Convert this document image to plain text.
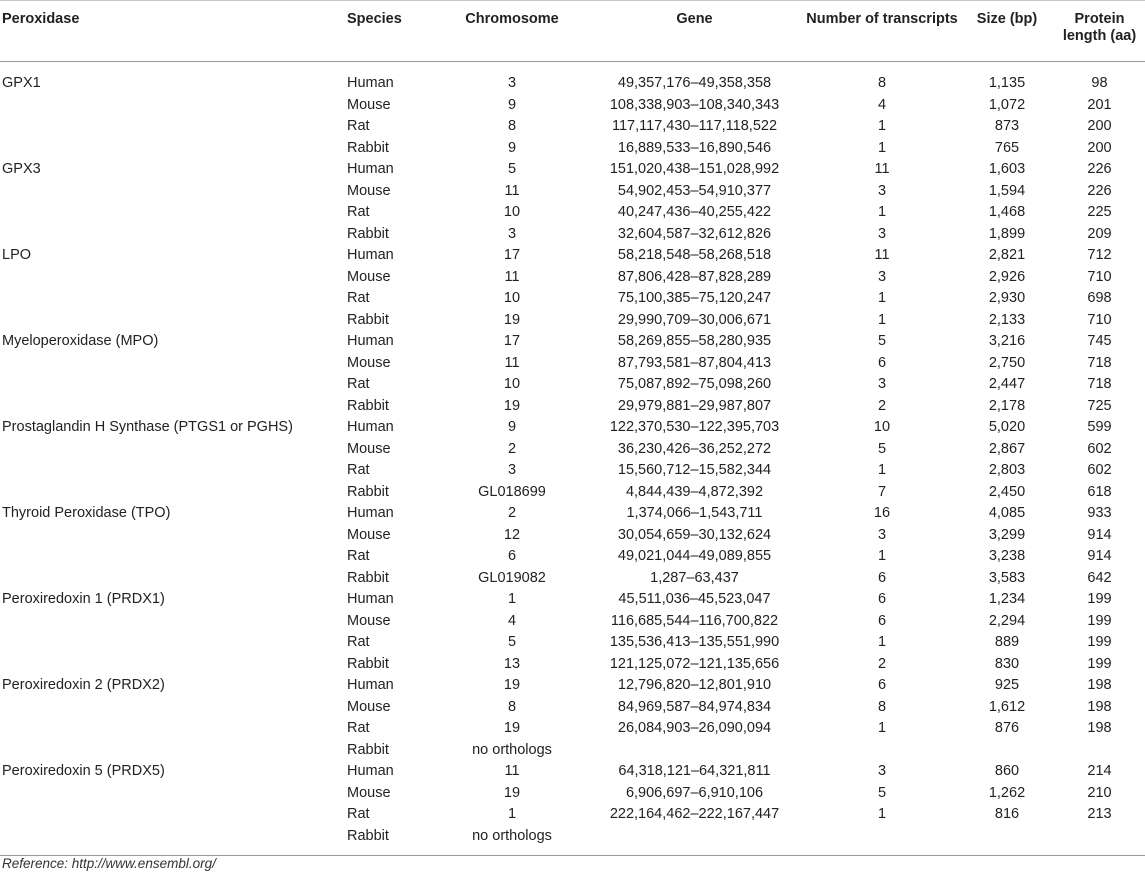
Peroxidase	Species	Chromosome	Gene	Number of transcripts	Size (bp)	Protein length (aa)
GPX1	Human	3	49,357,176–49,358,358	8	1,135	98
	Mouse	9	108,338,903–108,340,343	4	1,072	201
	Rat	8	117,117,430–117,118,522	1	873	200
	Rabbit	9	16,889,533–16,890,546	1	765	200
GPX3	Human	5	151,020,438–151,028,992	11	1,603	226
	Mouse	11	54,902,453–54,910,377	3	1,594	226
	Rat	10	40,247,436–40,255,422	1	1,468	225
	Rabbit	3	32,604,587–32,612,826	3	1,899	209
LPO	Human	17	58,218,548–58,268,518	11	2,821	712
	Mouse	11	87,806,428–87,828,289	3	2,926	710
	Rat	10	75,100,385–75,120,247	1	2,930	698
	Rabbit	19	29,990,709–30,006,671	1	2,133	710
Myeloperoxidase (MPO)	Human	17	58,269,855–58,280,935	5	3,216	745
	Mouse	11	87,793,581–87,804,413	6	2,750	718
	Rat	10	75,087,892–75,098,260	3	2,447	718
	Rabbit	19	29,979,881–29,987,807	2	2,178	725
Prostaglandin H Synthase (PTGS1 or PGHS)	Human	9	122,370,530–122,395,703	10	5,020	599
	Mouse	2	36,230,426–36,252,272	5	2,867	602
	Rat	3	15,560,712–15,582,344	1	2,803	602
	Rabbit	GL018699	4,844,439–4,872,392	7	2,450	618
Thyroid Peroxidase (TPO)	Human	2	1,374,066–1,543,711	16	4,085	933
	Mouse	12	30,054,659–30,132,624	3	3,299	914
	Rat	6	49,021,044–49,089,855	1	3,238	914
	Rabbit	GL019082	1,287–63,437	6	3,583	642
Peroxiredoxin 1 (PRDX1)	Human	1	45,511,036–45,523,047	6	1,234	199
	Mouse	4	116,685,544–116,700,822	6	2,294	199
	Rat	5	135,536,413–135,551,990	1	889	199
	Rabbit	13	121,125,072–121,135,656	2	830	199
Peroxiredoxin 2 (PRDX2)	Human	19	12,796,820–12,801,910	6	925	198
	Mouse	8	84,969,587–84,974,834	8	1,612	198
	Rat	19	26,084,903–26,090,094	1	876	198
	Rabbit	no orthologs				
Peroxiredoxin 5 (PRDX5)	Human	11	64,318,121–64,321,811	3	860	214
	Mouse	19	6,906,697–6,910,106	5	1,262	210
	Rat	1	222,164,462–222,167,447	1	816	213
	Rabbit	no orthologs				
Reference: http://www.ensembl.org/
